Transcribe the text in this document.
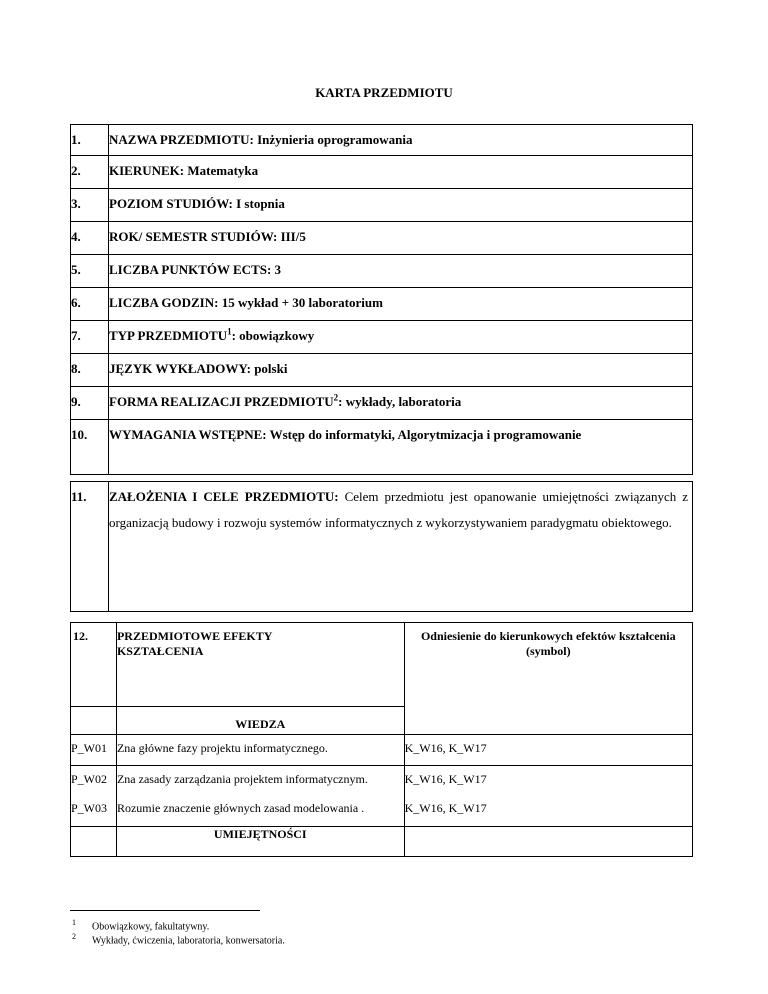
KARTA PRZEDMIOTU
1.	NAZWA PRZEDMIOTU: Inżynieria oprogramowania
2.	KIERUNEK: Matematyka
3.	POZIOM STUDIÓW: I stopnia
4.	ROK/ SEMESTR STUDIÓW: III/5
5.	LICZBA PUNKTÓW ECTS: 3
6.	LICZBA GODZIN: 15 wykład + 30 laboratorium
7.	TYP PRZEDMIOTU$^1$: obowiązkowy
8.	JĘZYK WYKŁADOWY: polski
9.	FORMA REALIZACJI PRZEDMIOTU$^2$: wykłady, laboratoria
10.	WYMAGANIA WSTĘPNE: Wstęp do informatyki, Algorytmizacja i programowanie
11.	ZAŁOŻENIA I CELE PRZEDMIOTU: Celem przedmiotu jest opanowanie umiejętności związanych z organizacją budowy i rozwoju systemów informatycznych z wykorzystywaniem paradygmatu obiektowego.
12.	PRZEDMIOTOWE EFEKTY KSZTAŁCENIA	Odniesienie do kierunkowych efektów kształcenia (symbol)
	WIEDZA	
P_W01	Zna główne fazy projektu informatycznego.	K_W16, K_W17
P_W02	Zna zasady zarządzania projektem informatycznym.	K_W16, K_W17
P_W03	Rozumie znaczenie głównych zasad modelowania .	K_W16, K_W17
	UMIEJĘTNOŚCI	
1 Obowiązkowy, fakultatywny.
2 Wykłady, ćwiczenia, laboratoria, konwersatoria.
